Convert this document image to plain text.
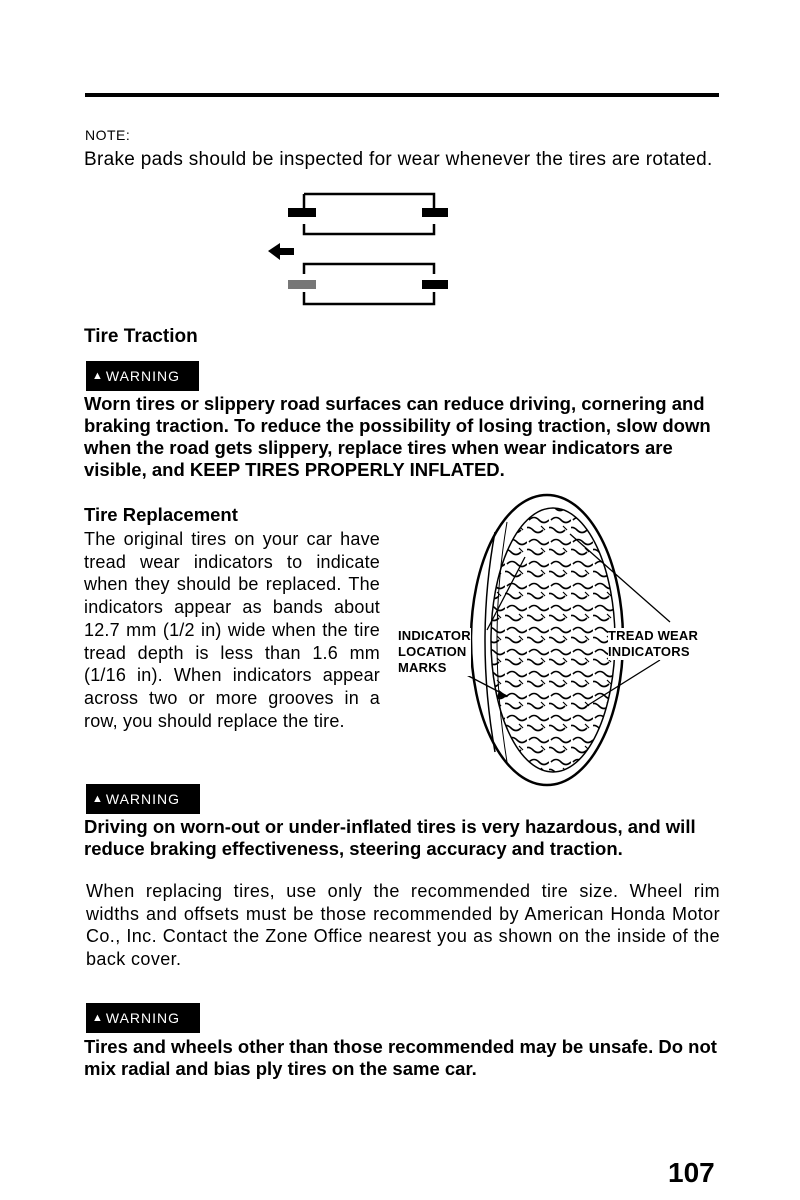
NOTE:
Brake pads should be inspected for wear whenever the tires are rotated.
Tire Traction
▲ WARNING
Worn tires or slippery road surfaces can reduce driving, cornering and braking traction. To reduce the possibility of losing traction, slow down when the road gets slippery, replace tires when wear indicators are visible, and KEEP TIRES PROPERLY INFLATED.
Tire Replacement
The original tires on your car have tread wear indicators to indicate when they should be replaced. The indicators appear as bands about 12.7 mm (1/2 in) wide when the tire tread depth is less than 1.6 mm (1/16 in). When indicators appear across two or more grooves in a row, you should replace the tire.
INDICATOR
LOCATION
MARKS
TREAD WEAR
INDICATORS
▲ WARNING
Driving on worn-out or under-inflated tires is very hazardous, and will reduce braking effectiveness, steering accuracy and traction.
When replacing tires, use only the recommended tire size. Wheel rim widths and offsets must be those recommended by American Honda Motor Co., Inc. Contact the Zone Office nearest you as shown on the inside of the back cover.
▲ WARNING
Tires and wheels other than those recommended may be unsafe. Do not mix radial and bias ply tires on the same car.
107
